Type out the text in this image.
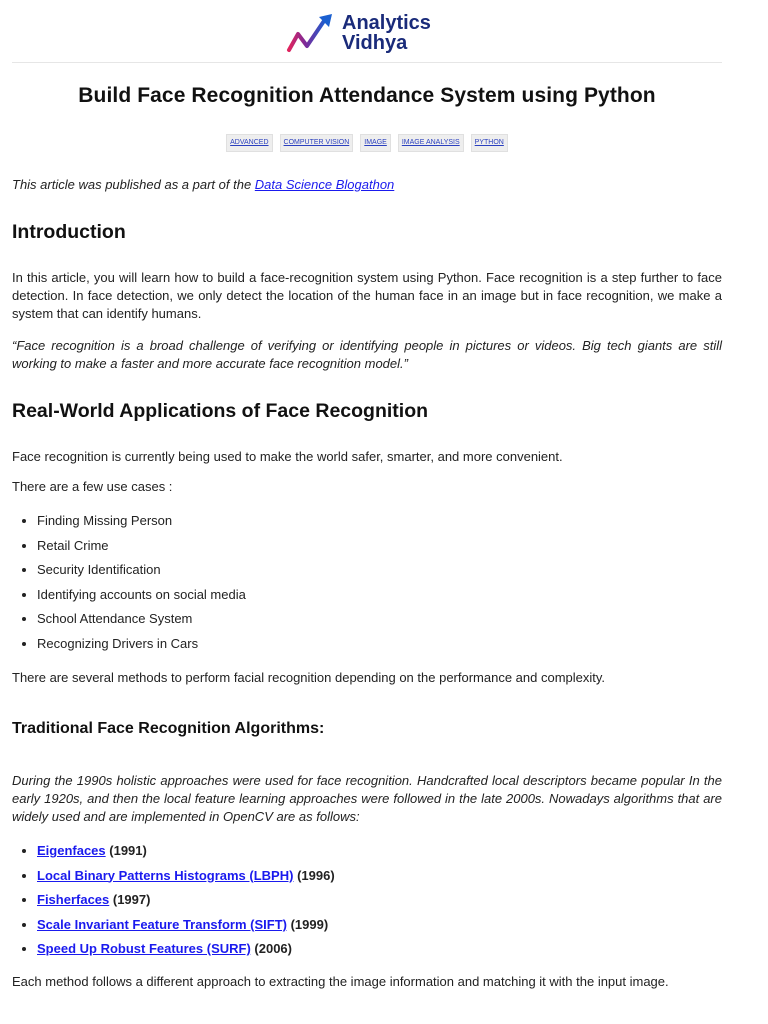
Analytics
Vidhya
Build Face Recognition Attendance System using Python
ADVANCED	COMPUTER VISION	IMAGE	IMAGE ANALYSIS	PYTHON
This article was published as a part of the Data Science Blogathon
Introduction
In this article, you will learn how to build a face-recognition system using Python. Face recognition is a step further to face detection. In face detection, we only detect the location of the human face in an image but in face recognition, we make a system that can identify humans.
“Face recognition is a broad challenge of verifying or identifying people in pictures or videos. Big tech giants are still working to make a faster and more accurate face recognition model.”
Real-World Applications of Face Recognition
Face recognition is currently being used to make the world safer, smarter, and more convenient.
There are a few use cases :
• Finding Missing Person
• Retail Crime
• Security Identification
• Identifying accounts on social media
• School Attendance System
• Recognizing Drivers in Cars
There are several methods to perform facial recognition depending on the performance and complexity.
Traditional Face Recognition Algorithms:
During the 1990s holistic approaches were used for face recognition. Handcrafted local descriptors became popular In the early 1920s, and then the local feature learning approaches were followed in the late 2000s. Nowadays algorithms that are widely used and are implemented in OpenCV are as follows:
• Eigenfaces (1991)
• Local Binary Patterns Histograms (LBPH) (1996)
• Fisherfaces (1997)
• Scale Invariant Feature Transform (SIFT) (1999)
• Speed Up Robust Features (SURF) (2006)
Each method follows a different approach to extracting the image information and matching it with the input image.
